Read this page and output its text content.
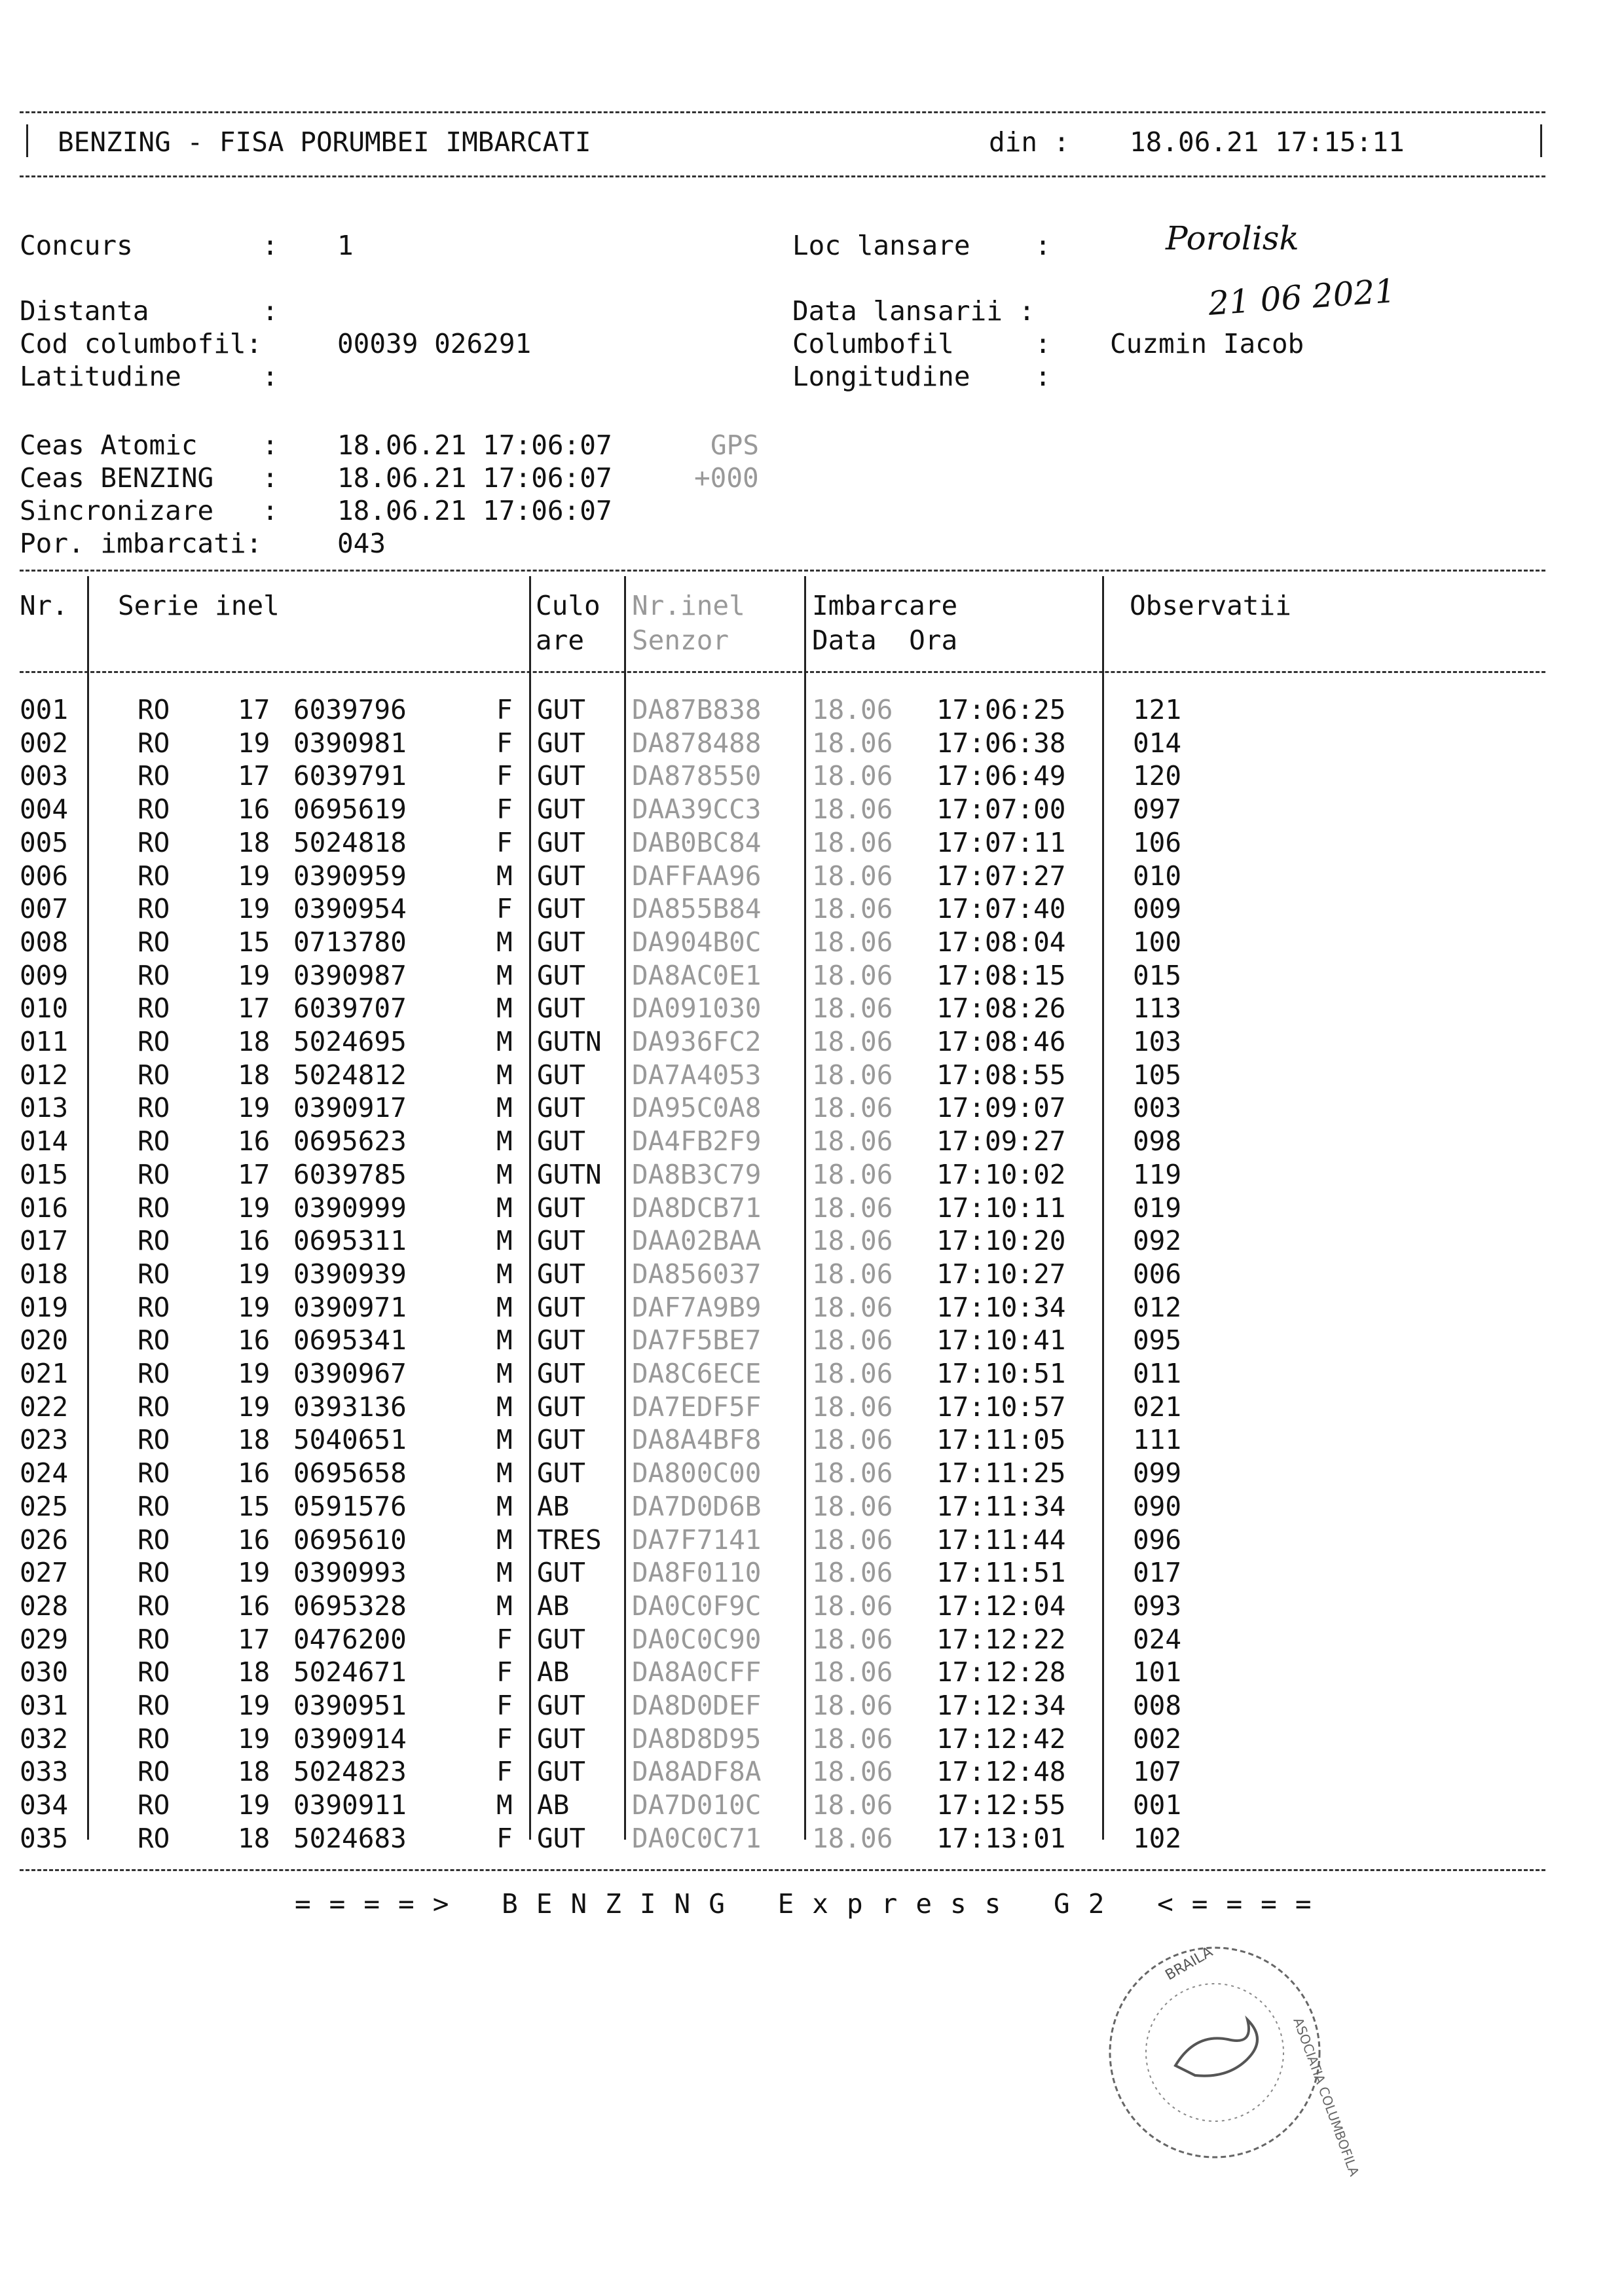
BENZING - FISA PORUMBEI IMBARCATI	din : 18.06.21 17:15:11
Concurs        : 1	Loc lansare    :	Porolisk
Distanta       :	Data lansarii :	21 06 2021
Cod columbofil:	00039 026291	Columbofil     : Cuzmin Iacob
Latitudine     :	Longitudine    :
Ceas Atomic    : 18.06.21 17:06:07	GPS
Ceas BENZING   : 18.06.21 17:06:07	+000
Sincronizare   : 18.06.21 17:06:07
Por. imbarcati:	043
Nr. Serie inel	Culo
are
Nr.inel
Senzor
Imbarcare
Data  Ora
Observatii
001	RO	17 6039796	F GUT DA87B838 18.06 17:06:25	121
002	RO	19 0390981	F GUT DA878488 18.06 17:06:38	014
003	RO	17 6039791	F GUT DA878550 18.06 17:06:49	120
004	RO	16 0695619	F GUT DAA39CC3 18.06 17:07:00	097
005	RO	18 5024818	F GUT DAB0BC84 18.06 17:07:11	106
006	RO	19 0390959	M GUT DAFFAA96 18.06 17:07:27	010
007	RO	19 0390954	F GUT DA855B84 18.06 17:07:40	009
008	RO	15 0713780	M GUT DA904B0C 18.06 17:08:04	100
009	RO	19 0390987	M GUT DA8AC0E1 18.06 17:08:15	015
010	RO	17 6039707	M GUT DA091030 18.06 17:08:26	113
011	RO	18 5024695	M GUTN DA936FC2 18.06 17:08:46	103
012	RO	18 5024812	M GUT DA7A4053 18.06 17:08:55	105
013	RO	19 0390917	M GUT DA95C0A8 18.06 17:09:07	003
014	RO	16 0695623	M GUT DA4FB2F9 18.06 17:09:27	098
015	RO	17 6039785	M GUTN DA8B3C79 18.06 17:10:02	119
016	RO	19 0390999	M GUT DA8DCB71 18.06 17:10:11	019
017	RO	16 0695311	M GUT DAA02BAA 18.06 17:10:20	092
018	RO	19 0390939	M GUT DA856037 18.06 17:10:27	006
019	RO	19 0390971	M GUT DAF7A9B9 18.06 17:10:34	012
020	RO	16 0695341	M GUT DA7F5BE7 18.06 17:10:41	095
021	RO	19 0390967	M GUT DA8C6ECE 18.06 17:10:51	011
022	RO	19 0393136	M GUT DA7EDF5F 18.06 17:10:57	021
023	RO	18 5040651	M GUT DA8A4BF8 18.06 17:11:05	111
024	RO	16 0695658	M GUT DA800C00 18.06 17:11:25	099
025	RO	15 0591576	M AB DA7D0D6B 18.06 17:11:34	090
026	RO	16 0695610	M TRES DA7F7141 18.06 17:11:44	096
027	RO	19 0390993	M GUT DA8F0110 18.06 17:11:51	017
028	RO	16 0695328	M AB DA0C0F9C 18.06 17:12:04	093
029	RO	17 0476200	F GUT DA0C0C90 18.06 17:12:22	024
030	RO	18 5024671	F AB DA8A0CFF 18.06 17:12:28	101
031	RO	19 0390951	F GUT DA8D0DEF 18.06 17:12:34	008
032	RO	19 0390914	F GUT DA8D8D95 18.06 17:12:42	002
033	RO	18 5024823	F GUT DA8ADF8A 18.06 17:12:48	107
034	RO	19 0390911	M AB DA7D010C 18.06 17:12:55	001
035	RO	18 5024683	F GUT DA0C0C71 18.06 17:13:01	102
====> BENZING Express G2 <====
BRAILA
ASOCIATIA COLUMBOFILA
